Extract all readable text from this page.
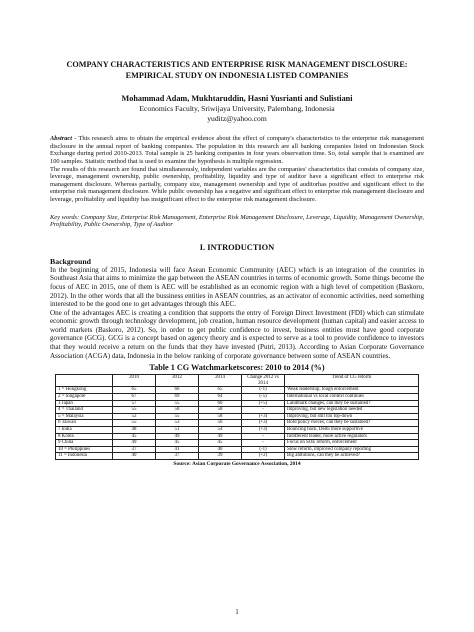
COMPANY CHARACTERISTICS AND ENTERPRISE RISK MANAGEMENT DISCLOSURE:
EMPIRICAL STUDY ON INDONESIA LISTED COMPANIES

Mohammad Adam, Mukhtaruddin, Hasni Yusrianti and Sulistiani
Economics Faculty, Sriwijaya University, Palembang, Indonesia
yuditz@yahoo.com

Abstract - This research aims to obtain the empirical evidence about the effect of company's characteristics to the enterprise risk management disclosure in the annual report of banking companies. The population in this research are all banking companies listed on Indonesian Stock Exchange during period 2010-2013. Total sample is 25 banking companies in four years observation time. So, total sample that is examined are 100 samples. Statistic method that is used to examine the hypothesis is multiple regression.

The results of this research are found that simultaneously, independent variables are the companies' characteristics that consists of company size, leverage, management ownership, public ownership, profitability, liquidity and type of auditor have a significant effect to enterprise risk management disclosure. Whereas partially, company size, management ownership and type of auditorhas positive and significant effect to the enterprise risk management disclosure. While public ownership has a negative and significant effect to enterprise risk management disclosure and leverage, profitability and liquidity has insignificant effect to the enterprise risk management disclosure.

Key words: Company Size, Enterprise Risk Management, Enterprise Risk Management Disclosure, Leverage, Liquidity, Management Ownership, Profitability, Public Ownership, Type of Auditor
I. INTRODUCTION
Background

In the beginning of 2015, Indonesia will face Asean Economic Community (AEC) which is an integration of the countries in Southeast Asia that aims to minimize the gap between the ASEAN countries in terms of economic growth. Some things become the focus of AEC in 2015, one of them is AEC will be established as an economic region with a high level of competition (Baskoro, 2012). In the other words that all the bussiness entities in ASEAN countries, as an activator of economic activities, need something interested to be the good one to get advantages through this AEC.

One of the advantages AEC is creating a condition that supports the entry of Foreign Direct Investment (FDI) which can stimulate economic growth through technology development, job creation, human resource development (human capital) and easier access to world markets (Baskoro, 2012). So, in order to get public confidence to invest, business entities must have good corporate governance (GCG). GCG is a concept based on agency theory and is expected to serve as a tool to provide confidence to investors that they would receive a return on the funds that they have invested (Putri, 2013). According to Asian Corporate Governance Association (ACGA) data, Indonesia in the below ranking of corporate governance between some of ASEAN countries.

Table 1 CG Watchmarketscores: 2010 to 2014 (%)
	2010	2012	2014	Change 2012 vs 2014	Trend of CG reform
1 = Hongkong	65	66	65	(-1)	Weak leadership, tough enforcement
2 = Singapore	67	69	64	(-5)	International vs local context continues
3 Japan	57	55	60	(+5)	Landmark changes, can they be sustained?
4 = Thailand	55	58	58	-	Improving, but new legislation needed
5 = Malaysia	52	55	58	(+3)	Improving, but still too top-down
6 Taiwan	55	53	56	(+3)	Bold policy moves, can they be sustained?
7 India	48	51	54	(+3)	Bouncing back, Delhi more supportive
8 Korea	45	49	49	-	Indifferent leader, more active regulators
9 China	49	45	45	-	Focus on SOE reform, enforcement
10 = Philippines	37	41	40	(-1)	Slow reform, improved company reporting
11 = Indonesia	40	37	39	(+2)	Big ambitions, can they be achieved?
Source: Asian Corporate Governance Association, 2014
1
